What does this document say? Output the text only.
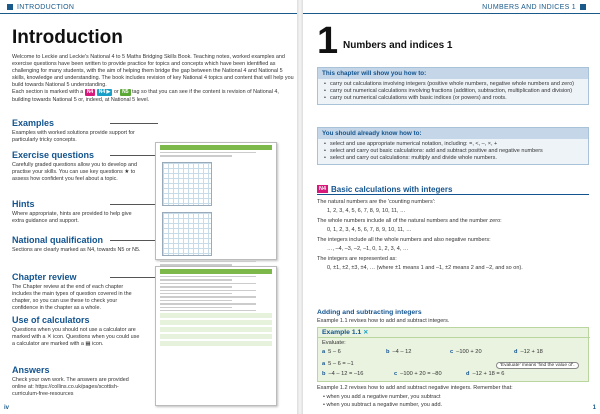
INTRODUCTION
Introduction
Welcome to Leckie and Leckie's National 4 to 5 Maths Bridging Skills Book. Teaching notes, worked examples and exercise questions have been written to provide practice for topics and concepts which have been identified as challenging for many students, with the aim of helping them bridge the gap between the National 4 and National 5 skills, knowledge and understanding. The book includes revision of key National 4 topics and content that will help you build towards National 5 understanding.
Each section is marked with a N4 N4 ▶ or N5 tag so that you can see if the content is revision of National 4, building towards National 5 or, indeed, at National 5 level.
Examples

Examples with worked solutions provide support for particularly tricky concepts.

Exercise questions

Carefully graded questions allow you to develop and practise your skills. You can use key questions ★ to assess how confident you feel about a topic.

Hints

Where appropriate, hints are provided to help give extra guidance and support.

National qualification

Sections are clearly marked as N4, towards N5 or N5.

Chapter review

The Chapter review at the end of each chapter includes the main types of question covered in the chapter, so you can use these to check your confidence in the chapter as a whole.

Use of calculators

Questions when you should not use a calculator are marked with a ✕ icon. Questions when you could use a calculator are marked with a ▦ icon.

Answers

Check your own work. The answers are provided online at: https://collins.co.uk/pages/scottish-curriculum-free-resources

iv
NUMBERS AND INDICES 1
1 Numbers and indices 1
This chapter will show you how to:
• carry out calculations involving integers (positive whole numbers, negative whole numbers and zero)
• carry out numerical calculations involving fractions (addition, subtraction, multiplication and division)
• carry out numerical calculations with basic indices (or powers) and roots.
You should already know how to:
• select and use appropriate numerical notation, including: =, <, –, ×, +
• select and carry out basic calculations: add and subtract positive and negative numbers
• select and carry out calculations: multiply and divide whole numbers.
N4 Basic calculations with integers
The natural numbers are the 'counting numbers':
1, 2, 3, 4, 5, 6, 7, 8, 9, 10, 11, …
The whole numbers include all of the natural numbers and the number zero:
0, 1, 2, 3, 4, 5, 6, 7, 8, 9, 10, 11, …
The integers include all the whole numbers and also negative numbers:
…, –4, –3, –2, –1, 0, 1, 2, 3, 4, …
The integers are represented as:
0, ±1, ±2, ±3, ±4, … (where ±1 means 1 and –1, ±2 means 2 and –2, and so on).
Adding and subtracting integers
Example 1.1 revises how to add and subtract integers.
Example 1.1 ✕
Evaluate:
a 5 – 6	b –4 – 12	c –100 + 20	d –12 + 18
a 5 – 6 = –1	'Evaluate' means 'find the value of'.
b –4 – 12 = –16	c –100 + 20 = –80	d –12 + 18 = 6
Example 1.2 revises how to add and subtract negative integers. Remember that:
• when you add a negative number, you subtract
• when you subtract a negative number, you add.	1
